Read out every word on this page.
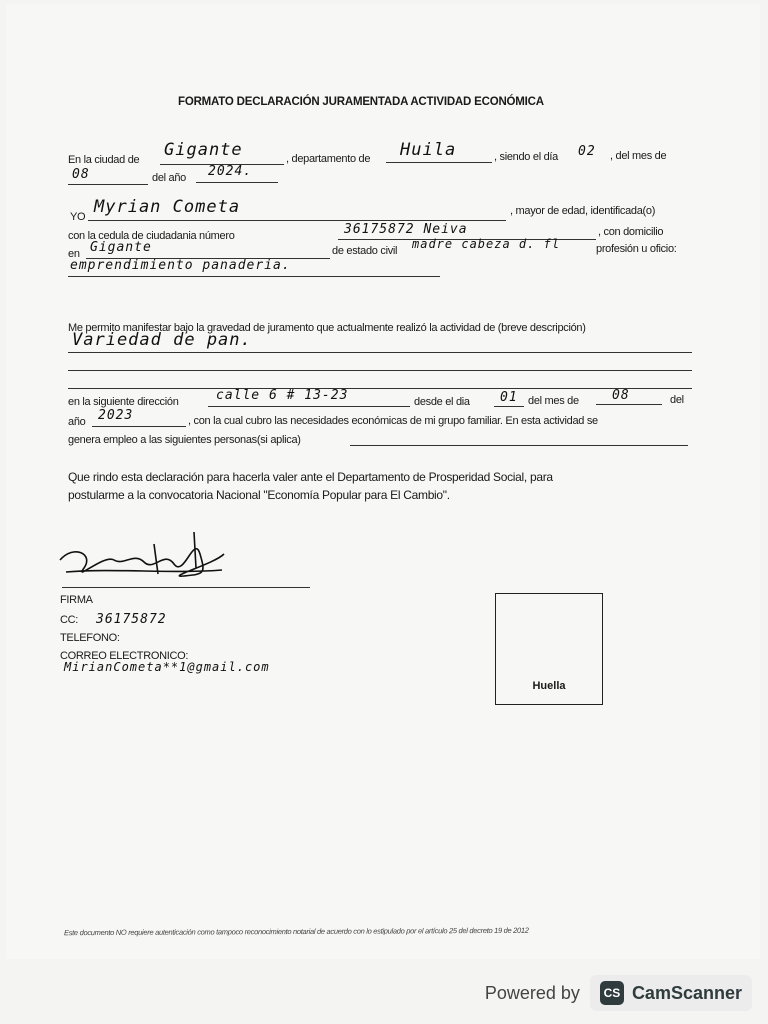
FORMATO DECLARACIÓN JURAMENTADA ACTIVIDAD ECONÓMICA
En la ciudad de Gigante	, departamento de Huila	, siendo el día 02 , del mes de
08	del año 2024.
YO Myrian Cometa	, mayor de edad, identificada(o)
con la cedula de ciudadania número	36175872 Neiva	, con domicilio
en Gigante	de estado civil madre cabeza d. fl	profesión u oficio:
emprendimiento panaderia.
Me permito manifestar bajo la gravedad de juramento que actualmente realizó la actividad de (breve descripción)
Variedad de pan.
en la siguiente dirección	calle 6 # 13-23	desde el dia 01 del mes de	08	del
año 2023	, con la cual cubro las necesidades económicas de mi grupo familiar. En esta actividad se
genera empleo a las siguientes personas(si aplica)
Que rindo esta declaración para hacerla valer ante el Departamento de Prosperidad Social, para
postularme a la convocatoria Nacional "Economía Popular para El Cambio".
FIRMA
CC: 36175872
TELEFONO:
CORREO ELECTRONICO:
MirianCometa**1@gmail.com
Huella
Este documento NO requiere autenticación como tampoco reconocimiento notarial de acuerdo con lo estipulado por el artículo 25 del decreto 19 de 2012
Powered by	CS CamScanner
